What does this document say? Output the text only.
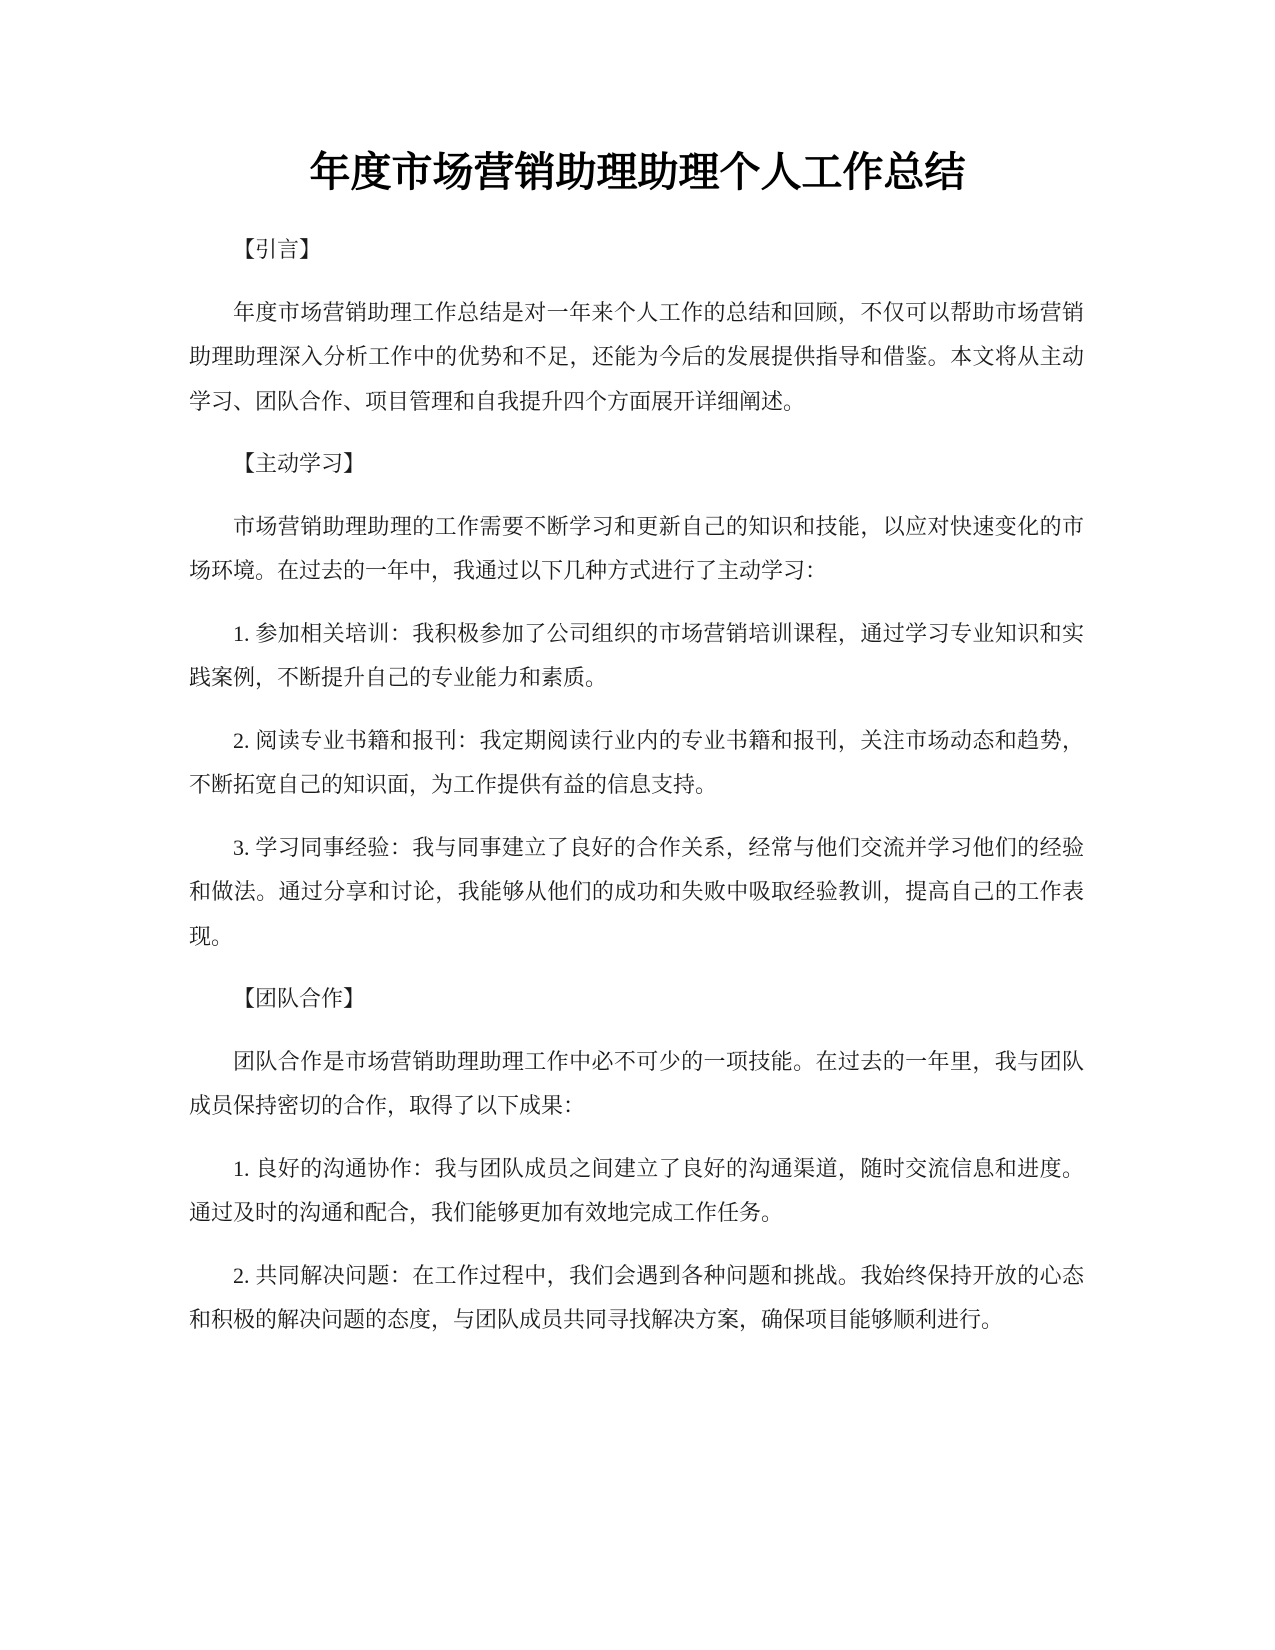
年度市场营销助理助理个人工作总结

【引言】

年度市场营销助理工作总结是对一年来个人工作的总结和回顾，不仅可以帮助市场营销助理助理深入分析工作中的优势和不足，还能为今后的发展提供指导和借鉴。本文将从主动学习、团队合作、项目管理和自我提升四个方面展开详细阐述。

【主动学习】

市场营销助理助理的工作需要不断学习和更新自己的知识和技能，以应对快速变化的市场环境。在过去的一年中，我通过以下几种方式进行了主动学习：

1. 参加相关培训：我积极参加了公司组织的市场营销培训课程，通过学习专业知识和实践案例，不断提升自己的专业能力和素质。

2. 阅读专业书籍和报刊：我定期阅读行业内的专业书籍和报刊，关注市场动态和趋势，不断拓宽自己的知识面，为工作提供有益的信息支持。

3. 学习同事经验：我与同事建立了良好的合作关系，经常与他们交流并学习他们的经验和做法。通过分享和讨论，我能够从他们的成功和失败中吸取经验教训，提高自己的工作表现。

【团队合作】

团队合作是市场营销助理助理工作中必不可少的一项技能。在过去的一年里，我与团队成员保持密切的合作，取得了以下成果：

1. 良好的沟通协作：我与团队成员之间建立了良好的沟通渠道，随时交流信息和进度。通过及时的沟通和配合，我们能够更加有效地完成工作任务。

2. 共同解决问题：在工作过程中，我们会遇到各种问题和挑战。我始终保持开放的心态和积极的解决问题的态度，与团队成员共同寻找解决方案，确保项目能够顺利进行。
